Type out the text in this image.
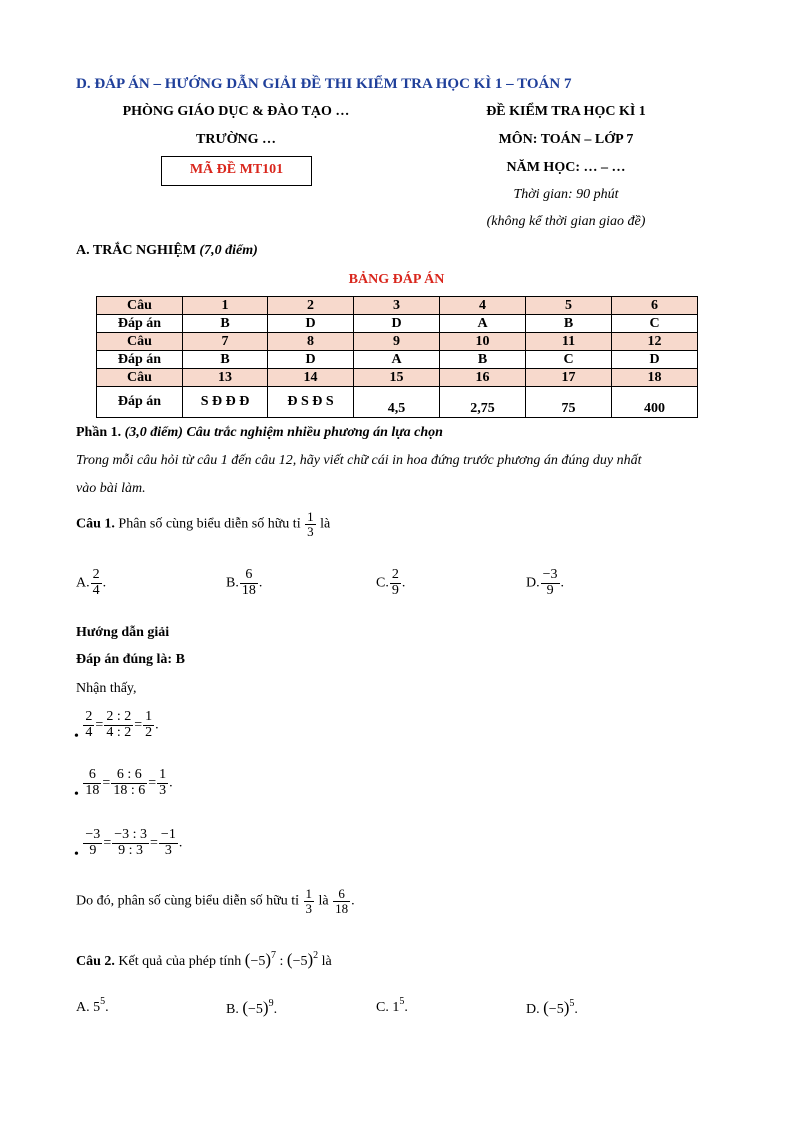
D. ĐÁP ÁN – HƯỚNG DẪN GIẢI ĐỀ THI KIỂM TRA HỌC KÌ 1 – TOÁN 7
PHÒNG GIÁO DỤC & ĐÀO TẠO …
TRƯỜNG …
MÃ ĐỀ MT101
ĐỀ KIỂM TRA HỌC KÌ 1
MÔN: TOÁN – LỚP 7
NĂM HỌC: … – …
Thời gian: 90 phút
(không kể thời gian giao đề)
A. TRẮC NGHIỆM (7,0 điểm)
BẢNG ĐÁP ÁN
Câu	1	2	3	4	5	6
Đáp án	B	D	D	A	B	C
Câu	7	8	9	10	11	12
Đáp án	B	D	A	B	C	D
Câu	13	14	15	16	17	18
Đáp án	S Đ Đ Đ	Đ S Đ S	4,5	2,75	75	400
Phần 1. (3,0 điểm) Câu trắc nghiệm nhiều phương án lựa chọn
Trong mỗi câu hỏi từ câu 1 đến câu 12, hãy viết chữ cái in hoa đứng trước phương án đúng duy nhất
vào bài làm.
Câu 1. Phân số cùng biểu diễn số hữu tỉ $\frac{1}{3}$ là
A. $\frac{2}{4}$ .	B. $\frac{6}{18}$ .	C. $\frac{2}{9}$ .	D. $\frac{-3}{9}$ .
Hướng dẫn giải
Đáp án đúng là: B
Nhận thấy,
• $\frac{2}{4} = \frac{2 : 2}{4 : 2} = \frac{1}{2}$ .
• $\frac{6}{18} = \frac{6 : 6}{18 : 6} = \frac{1}{3}$ .
• $\frac{-3}{9} = \frac{-3 : 3}{9 : 3} = \frac{-1}{3}$ .
Do đó, phân số cùng biểu diễn số hữu tỉ $\frac{1}{3}$ là $\frac{6}{18}$ .
Câu 2. Kết quả của phép tính $(-5)^7$ : $(-5)^2$ là
A. $5^5$.	B. $(-5)^9$.	C. $1^5$.	D. $(-5)^5$.
